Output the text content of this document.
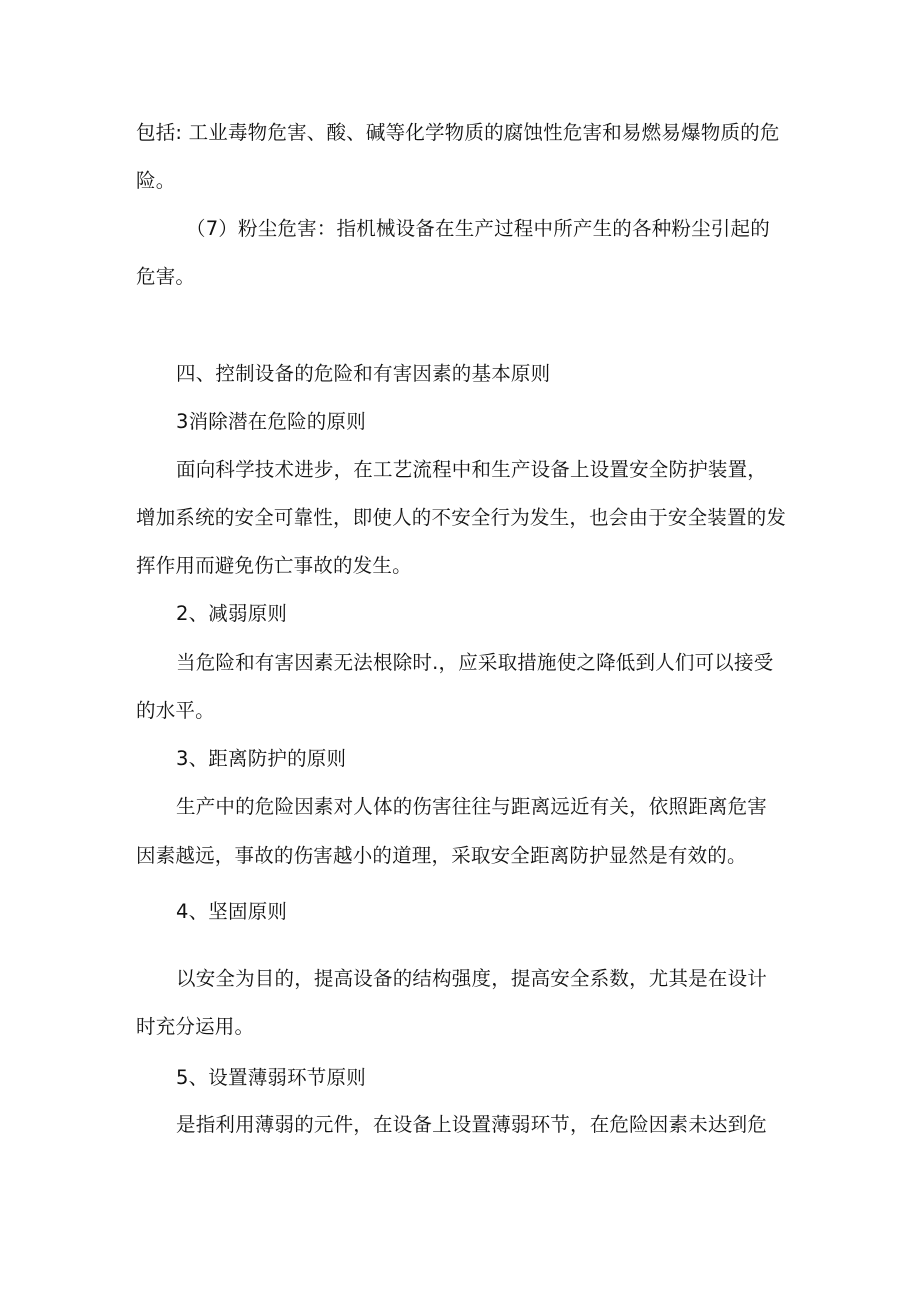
包括: 工业毒物危害、酸、碱等化学物质的腐蚀性危害和易燃易爆物质的危
险。
（7）粉尘危害：指机械设备在生产过程中所产生的各种粉尘引起的
危害。
四、控制设备的危险和有害因素的基本原则
3消除潜在危险的原则
面向科学技术进步，在工艺流程中和生产设备上设置安全防护装置，
增加系统的安全可靠性，即使人的不安全行为发生，也会由于安全装置的发
挥作用而避免伤亡事故的发生。
2、减弱原则
当危险和有害因素无法根除时.，应采取措施使之降低到人们可以接受
的水平。
3、距离防护的原则
生产中的危险因素对人体的伤害往往与距离远近有关，依照距离危害
因素越远，事故的伤害越小的道理，采取安全距离防护显然是有效的。
4、坚固原则
以安全为目的，提高设备的结构强度，提高安全系数，尤其是在设计
时充分运用。
5、设置薄弱环节原则
是指利用薄弱的元件，在设备上设置薄弱环节，在危险因素未达到危
